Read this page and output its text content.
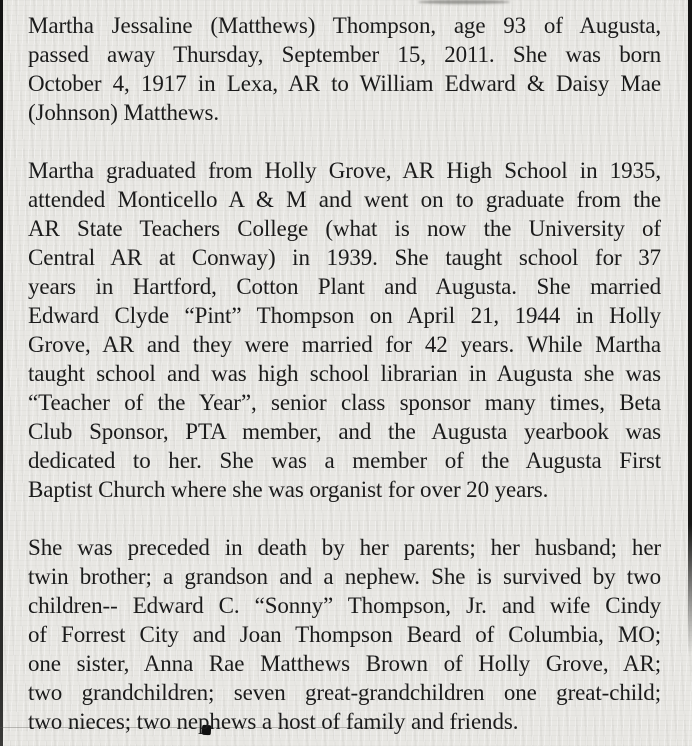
Martha Jessaline (Matthews) Thompson, age 93 of Augusta,
passed away Thursday, September 15, 2011. She was born
October 4, 1917 in Lexa, AR to William Edward & Daisy Mae
(Johnson) Matthews.
Martha graduated from Holly Grove, AR High School in 1935,
attended Monticello A & M and went on to graduate from the
AR State Teachers College (what is now the University of
Central AR at Conway) in 1939. She taught school for 37
years in Hartford, Cotton Plant and Augusta. She married
Edward Clyde “Pint” Thompson on April 21, 1944 in Holly
Grove, AR and they were married for 42 years. While Martha
taught school and was high school librarian in Augusta she was
“Teacher of the Year”, senior class sponsor many times, Beta
Club Sponsor, PTA member, and the Augusta yearbook was
dedicated to her. She was a member of the Augusta First
Baptist Church where she was organist for over 20 years.
She was preceded in death by her parents; her husband; her
twin brother; a grandson and a nephew. She is survived by two
children-- Edward C. “Sonny” Thompson, Jr. and wife Cindy
of Forrest City and Joan Thompson Beard of Columbia, MO;
one sister, Anna Rae Matthews Brown of Holly Grove, AR;
two grandchildren; seven great-grandchildren one great-child;
two nieces; two nephews a host of family and friends.
